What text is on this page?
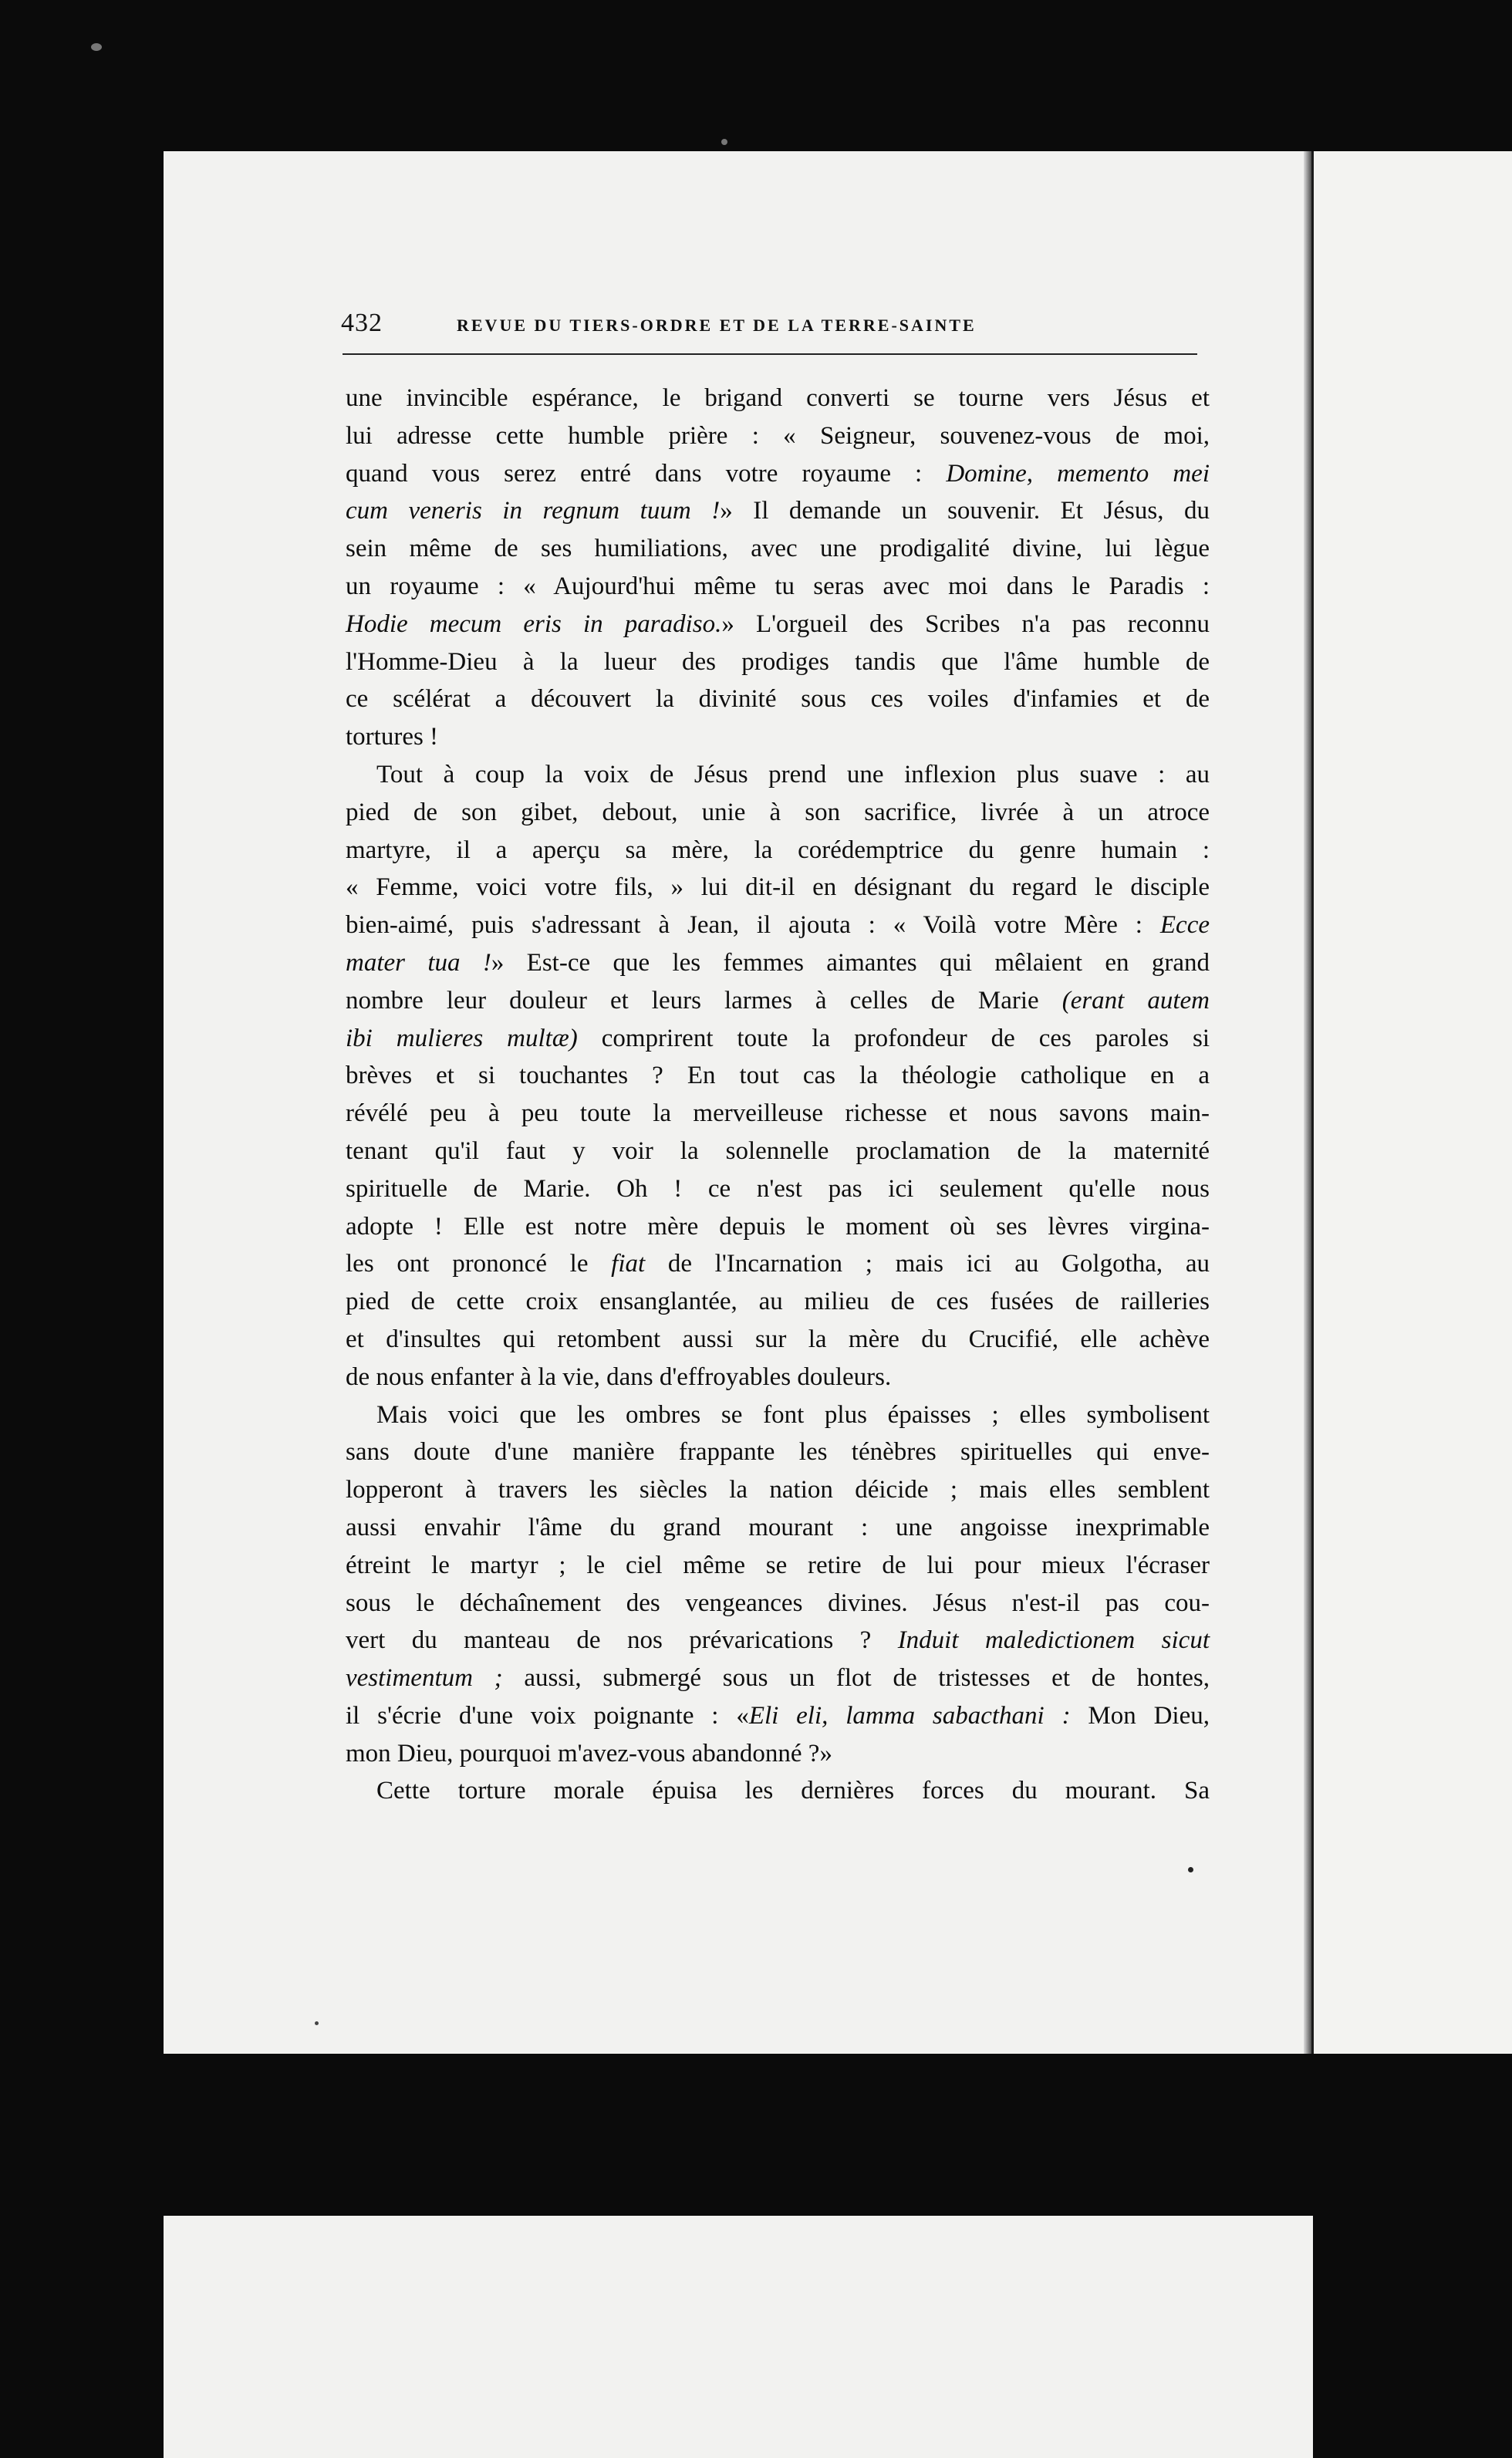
432	REVUE DU TIERS-ORDRE ET DE LA TERRE-SAINTE
une invincible espérance, le brigand converti se tourne vers Jésus et
lui adresse cette humble prière : « Seigneur, souvenez-vous de moi,
quand vous serez entré dans votre royaume : Domine, memento mei
cum veneris in regnum tuum !» Il demande un souvenir. Et Jésus, du
sein même de ses humiliations, avec une prodigalité divine, lui lègue
un royaume : « Aujourd'hui même tu seras avec moi dans le Paradis :
Hodie mecum eris in paradiso.» L'orgueil des Scribes n'a pas reconnu
l'Homme-Dieu à la lueur des prodiges tandis que l'âme humble de
ce scélérat a découvert la divinité sous ces voiles d'infamies et de
tortures !
Tout à coup la voix de Jésus prend une inflexion plus suave : au
pied de son gibet, debout, unie à son sacrifice, livrée à un atroce
martyre, il a aperçu sa mère, la corédemptrice du genre humain :
« Femme, voici votre fils, » lui dit-il en désignant du regard le disciple
bien-aimé, puis s'adressant à Jean, il ajouta : « Voilà votre Mère : Ecce
mater tua !» Est-ce que les femmes aimantes qui mêlaient en grand
nombre leur douleur et leurs larmes à celles de Marie (erant autem
ibi mulieres multæ) comprirent toute la profondeur de ces paroles si
brèves et si touchantes ? En tout cas la théologie catholique en a
révélé peu à peu toute la merveilleuse richesse et nous savons main-
tenant qu'il faut y voir la solennelle proclamation de la maternité
spirituelle de Marie. Oh ! ce n'est pas ici seulement qu'elle nous
adopte ! Elle est notre mère depuis le moment où ses lèvres virgina-
les ont prononcé le fiat de l'Incarnation ; mais ici au Golgotha, au
pied de cette croix ensanglantée, au milieu de ces fusées de railleries
et d'insultes qui retombent aussi sur la mère du Crucifié, elle achève
de nous enfanter à la vie, dans d'effroyables douleurs.
Mais voici que les ombres se font plus épaisses ; elles symbolisent
sans doute d'une manière frappante les ténèbres spirituelles qui enve-
lopperont à travers les siècles la nation déicide ; mais elles semblent
aussi envahir l'âme du grand mourant : une angoisse inexprimable
étreint le martyr ; le ciel même se retire de lui pour mieux l'écraser
sous le déchaînement des vengeances divines. Jésus n'est-il pas cou-
vert du manteau de nos prévarications ? Induit maledictionem sicut
vestimentum ; aussi, submergé sous un flot de tristesses et de hontes,
il s'écrie d'une voix poignante : «Eli eli, lamma sabacthani : Mon Dieu,
mon Dieu, pourquoi m'avez-vous abandonné ?»
Cette torture morale épuisa les dernières forces du mourant. Sa
